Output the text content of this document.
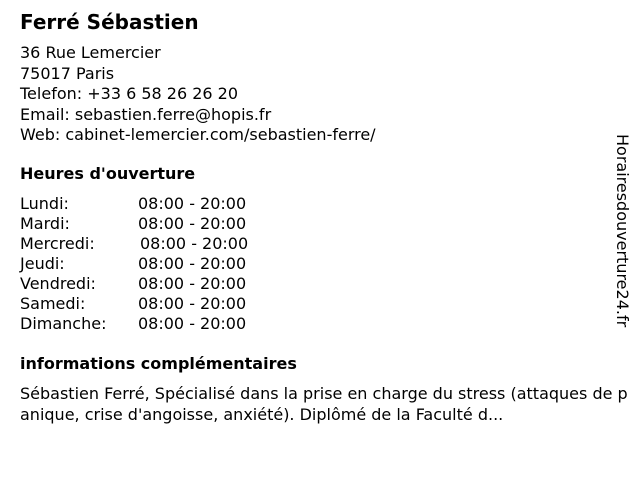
Ferré Sébastien
36 Rue Lemercier
75017 Paris
Telefon: +33 6 58 26 26 20
Email: sebastien.ferre@hopis.fr
Web: cabinet-lemercier.com/sebastien-ferre/
Heures d'ouverture
Lundi:	08:00 - 20:00
Mardi:	08:00 - 20:00
Mercredi:	08:00 - 20:00
Jeudi:	08:00 - 20:00
Vendredi:	08:00 - 20:00
Samedi:	08:00 - 20:00
Dimanche: 08:00 - 20:00
informations complémentaires
Sébastien Ferré, Spécialisé dans la prise en charge du stress (attaques de panique, crise d'angoisse, anxiété). Diplômé de la Faculté d...
Horairesdouverture24.fr
